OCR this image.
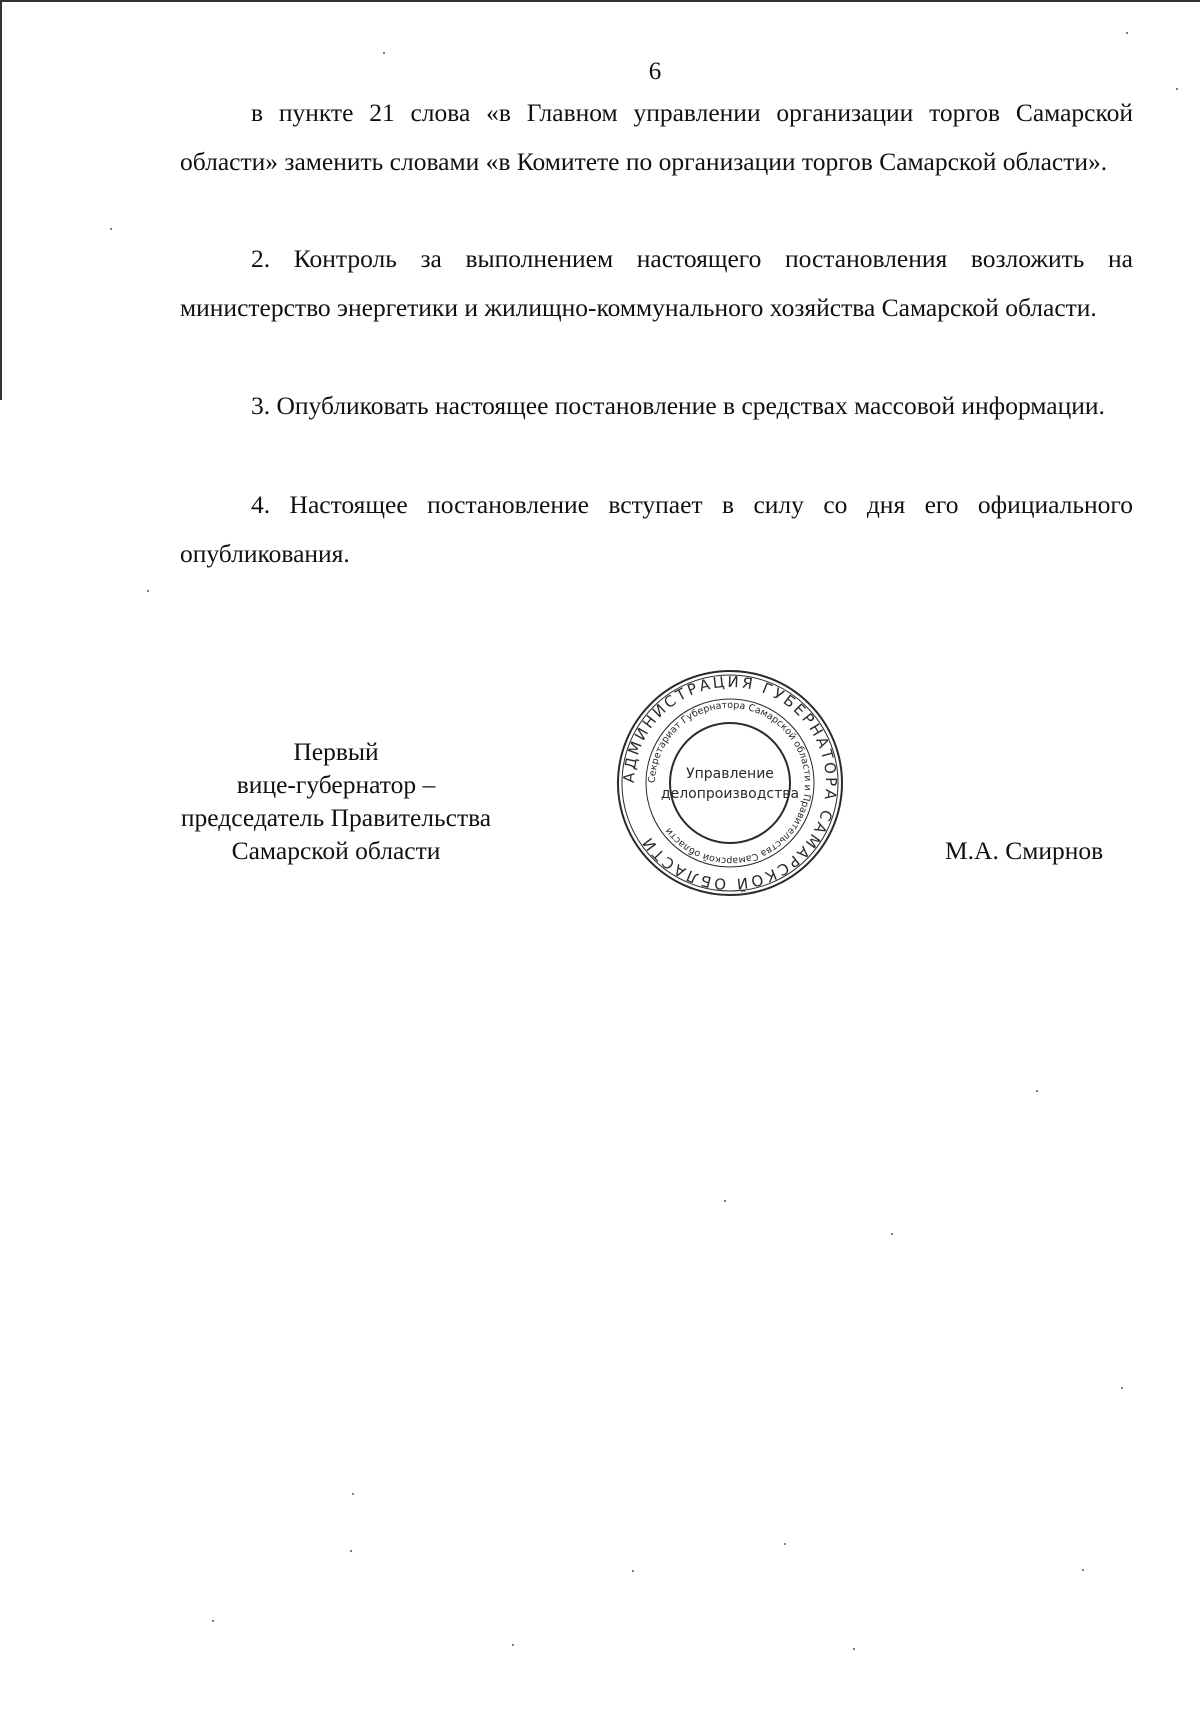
6

в пункте 21 слова «в Главном управлении организации торгов Самарской области» заменить словами «в Комитете по организации торгов Самарской области».

2. Контроль за выполнением настоящего постановления возложить на министерство энергетики и жилищно-коммунального хозяйства Самарской области.

3. Опубликовать настоящее постановление в средствах массовой информации.

4. Настоящее постановление вступает в силу со дня его официального опубликования.

Первый
вице-губернатор –
председатель Правительства
Самарской области	М.А. Смирнов
АДМИНИСТРАЦИЯ ГУБЕРНАТОРА САМАРСКОЙ ОБЛАСТИ
Секретариат Губернатора Самарской области и Правительства Самарской области
Управление
делопроизводства
